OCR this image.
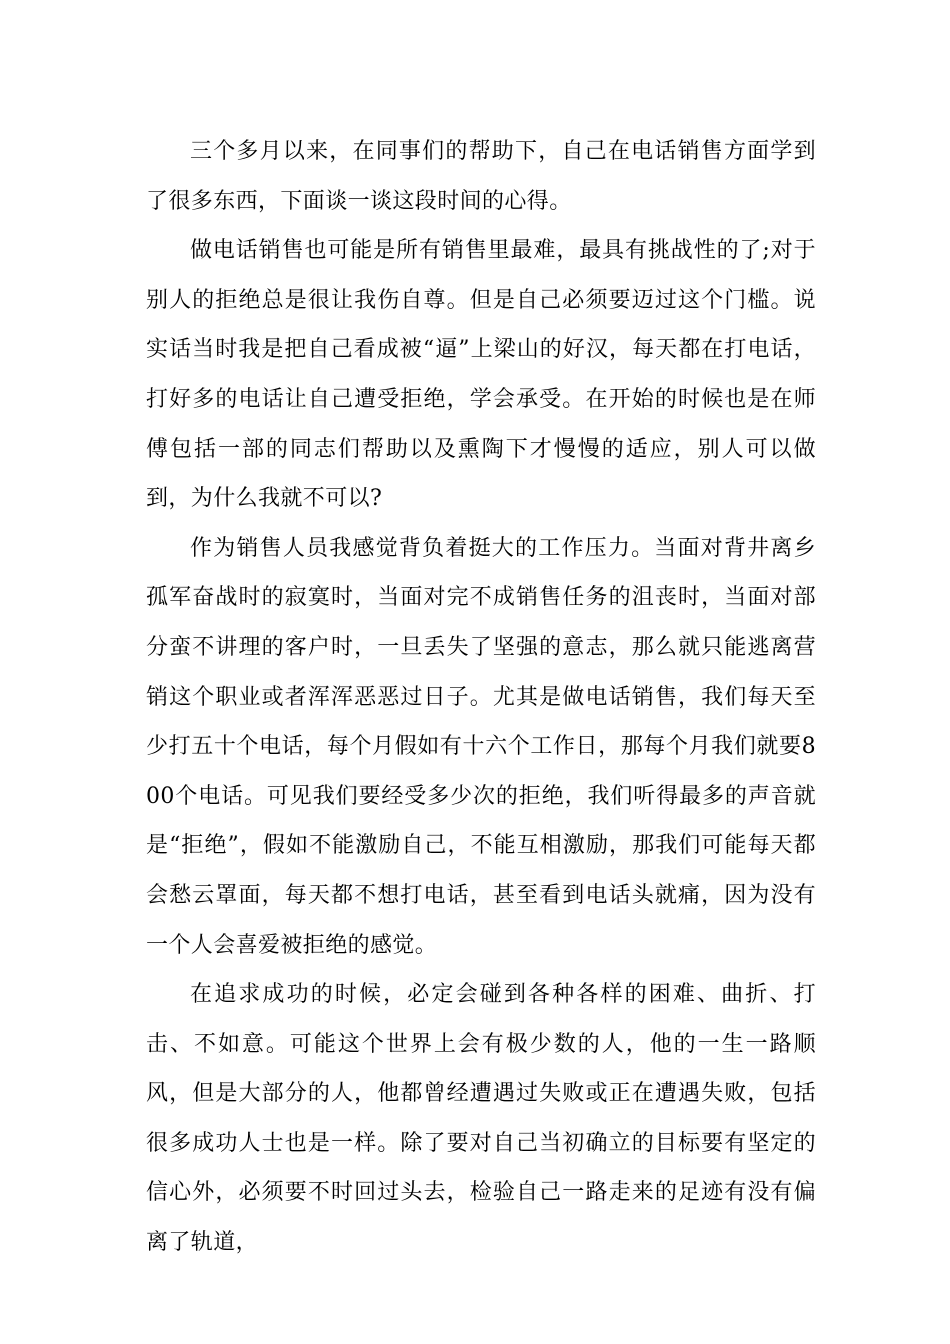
三个多月以来，在同事们的帮助下，自己在电话销售方面学到了很多东西，下面谈一谈这段时间的心得。

做电话销售也可能是所有销售里最难，最具有挑战性的了;对于别人的拒绝总是很让我伤自尊。但是自己必须要迈过这个门槛。说实话当时我是把自己看成被“逼”上梁山的好汉，每天都在打电话，打好多的电话让自己遭受拒绝，学会承受。在开始的时候也是在师傅包括一部的同志们帮助以及熏陶下才慢慢的适应，别人可以做到，为什么我就不可以?

作为销售人员我感觉背负着挺大的工作压力。当面对背井离乡孤军奋战时的寂寞时，当面对完不成销售任务的沮丧时，当面对部分蛮不讲理的客户时，一旦丢失了坚强的意志，那么就只能逃离营销这个职业或者浑浑恶恶过日子。尤其是做电话销售，我们每天至少打五十个电话，每个月假如有十六个工作日，那每个月我们就要800个电话。可见我们要经受多少次的拒绝，我们听得最多的声音就是“拒绝”，假如不能激励自己，不能互相激励，那我们可能每天都会愁云罩面，每天都不想打电话，甚至看到电话头就痛，因为没有一个人会喜爱被拒绝的感觉。

在追求成功的时候，必定会碰到各种各样的困难、曲折、打击、不如意。可能这个世界上会有极少数的人，他的一生一路顺风，但是大部分的人，他都曾经遭遇过失败或正在遭遇失败，包括很多成功人士也是一样。除了要对自己当初确立的目标要有坚定的信心外，必须要不时回过头去，检验自己一路走来的足迹有没有偏离了轨道，
